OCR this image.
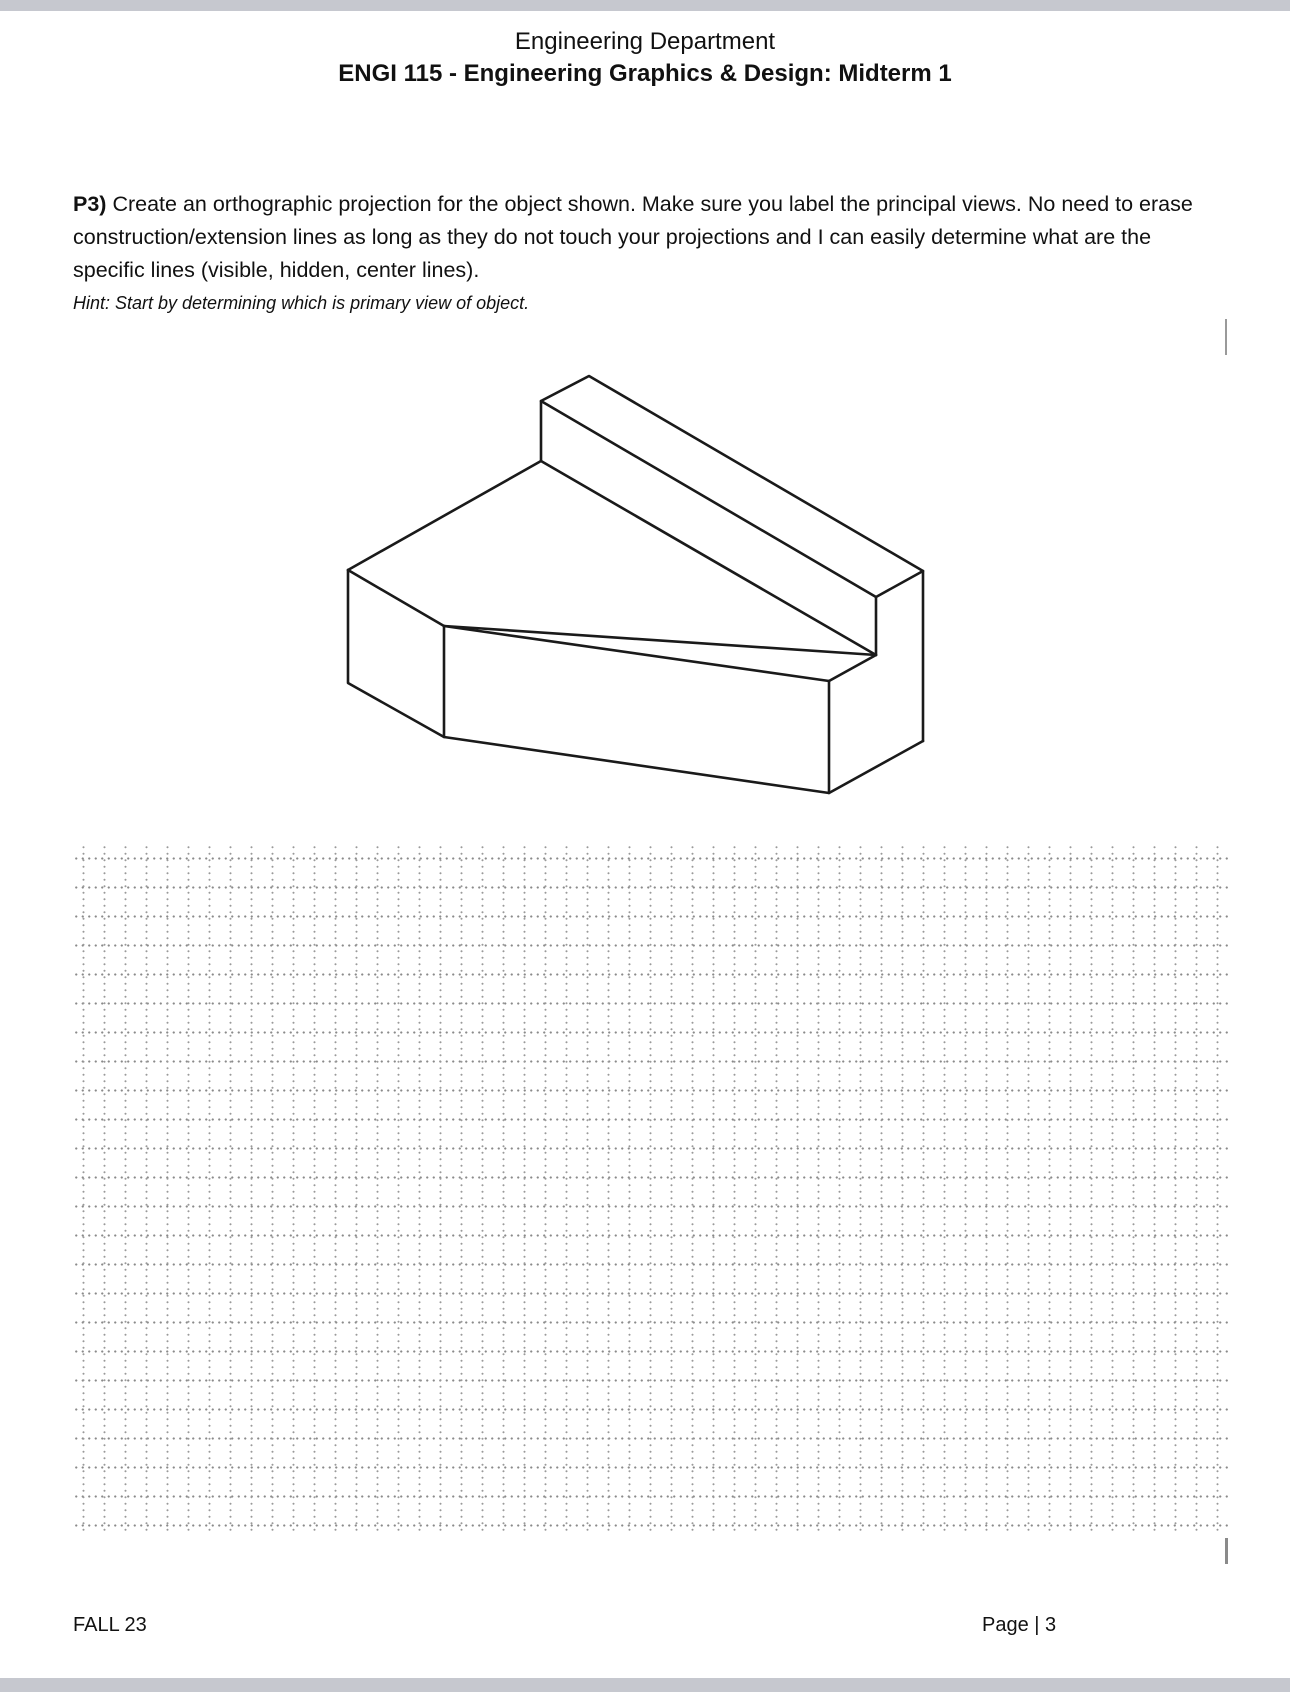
Engineering Department
ENGI 115 - Engineering Graphics & Design: Midterm 1
P3) Create an orthographic projection for the object shown. Make sure you label the principal views. No need to erase construction/extension lines as long as they do not touch your projections and I can easily determine what are the specific lines (visible, hidden, center lines).
Hint: Start by determining which is primary view of object.
FALL 23	Page | 3
